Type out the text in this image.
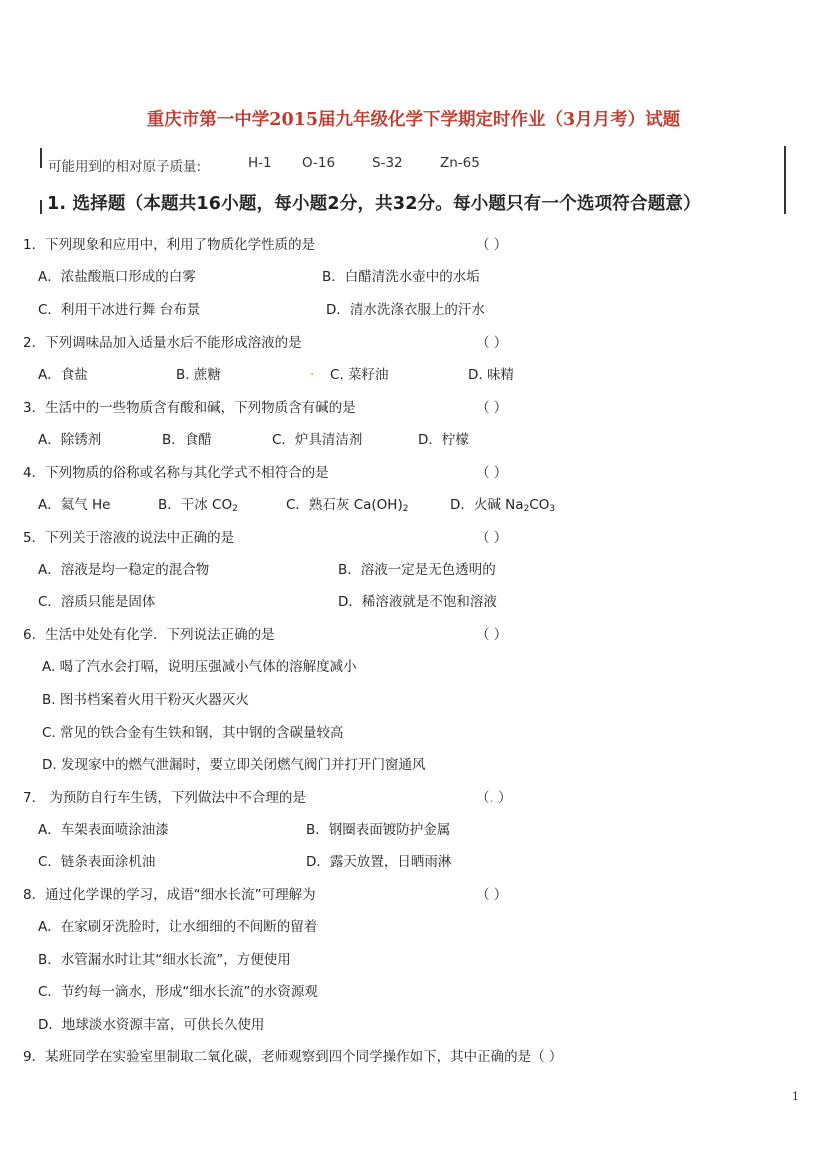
重庆市第一中学2015届九年级化学下学期定时作业（3月月考）试题
可能用到的相对原子质量:	H-1	O-16	S-32	Zn-65
1. 选择题（本题共16小题，每小题2分，共32分。每小题只有一个选项符合题意）
1．下列现象和应用中，利用了物质化学性质的是	（ ）
A．浓盐酸瓶口形成的白雾	B．白醋清洗水壶中的水垢
C．利用干冰进行舞 台布景	D．清水洗涤衣服上的汗水
2．下列调味品加入适量水后不能形成溶液的是	（ ）
A．食盐	B. 蔗糖	. C. 菜籽油	D. 味精
3．生活中的一些物质含有酸和碱，下列物质含有碱的是	（ ）
A．除锈剂	B．食醋	C．炉具清洁剂	D．柠檬
4．下列物质的俗称或名称与其化学式不相符合的是	（ ）
A．氦气 He	B．干冰 $CO_2$	C．熟石灰 $Ca(OH)_2$	D．火碱 $Na_2CO_3$
5．下列关于溶液的说法中正确的是	（ ）
A．溶液是均一稳定的混合物	B．溶液一定是无色透明的
C．溶质只能是固体	D．稀溶液就是不饱和溶液
6．生活中处处有化学．下列说法正确的是	（ ）
A. 喝了汽水会打嗝，说明压强减小气体的溶解度减小
B. 图书档案着火用干粉灭火器灭火
C. 常见的铁合金有生铁和钢，其中钢的含碳量较高
D. 发现家中的燃气泄漏时，要立即关闭燃气阀门并打开门窗通风
7． 为预防自行车生锈，下列做法中不合理的是	（. ）
A．车架表面喷涂油漆	B．钢圈表面镀防护金属
C．链条表面涂机油	D．露天放置，日晒雨淋
8．通过化学课的学习，成语“细水长流”可理解为	（ ）
A．在家刷牙洗脸时，让水细细的不间断的留着
B．水管漏水时让其“细水长流”，方便使用
C．节约每一滴水，形成“细水长流”的水资源观
D．地球淡水资源丰富，可供长久使用
9．某班同学在实验室里制取二氧化碳，老师观察到四个同学操作如下，其中正确的是（ ）
1
